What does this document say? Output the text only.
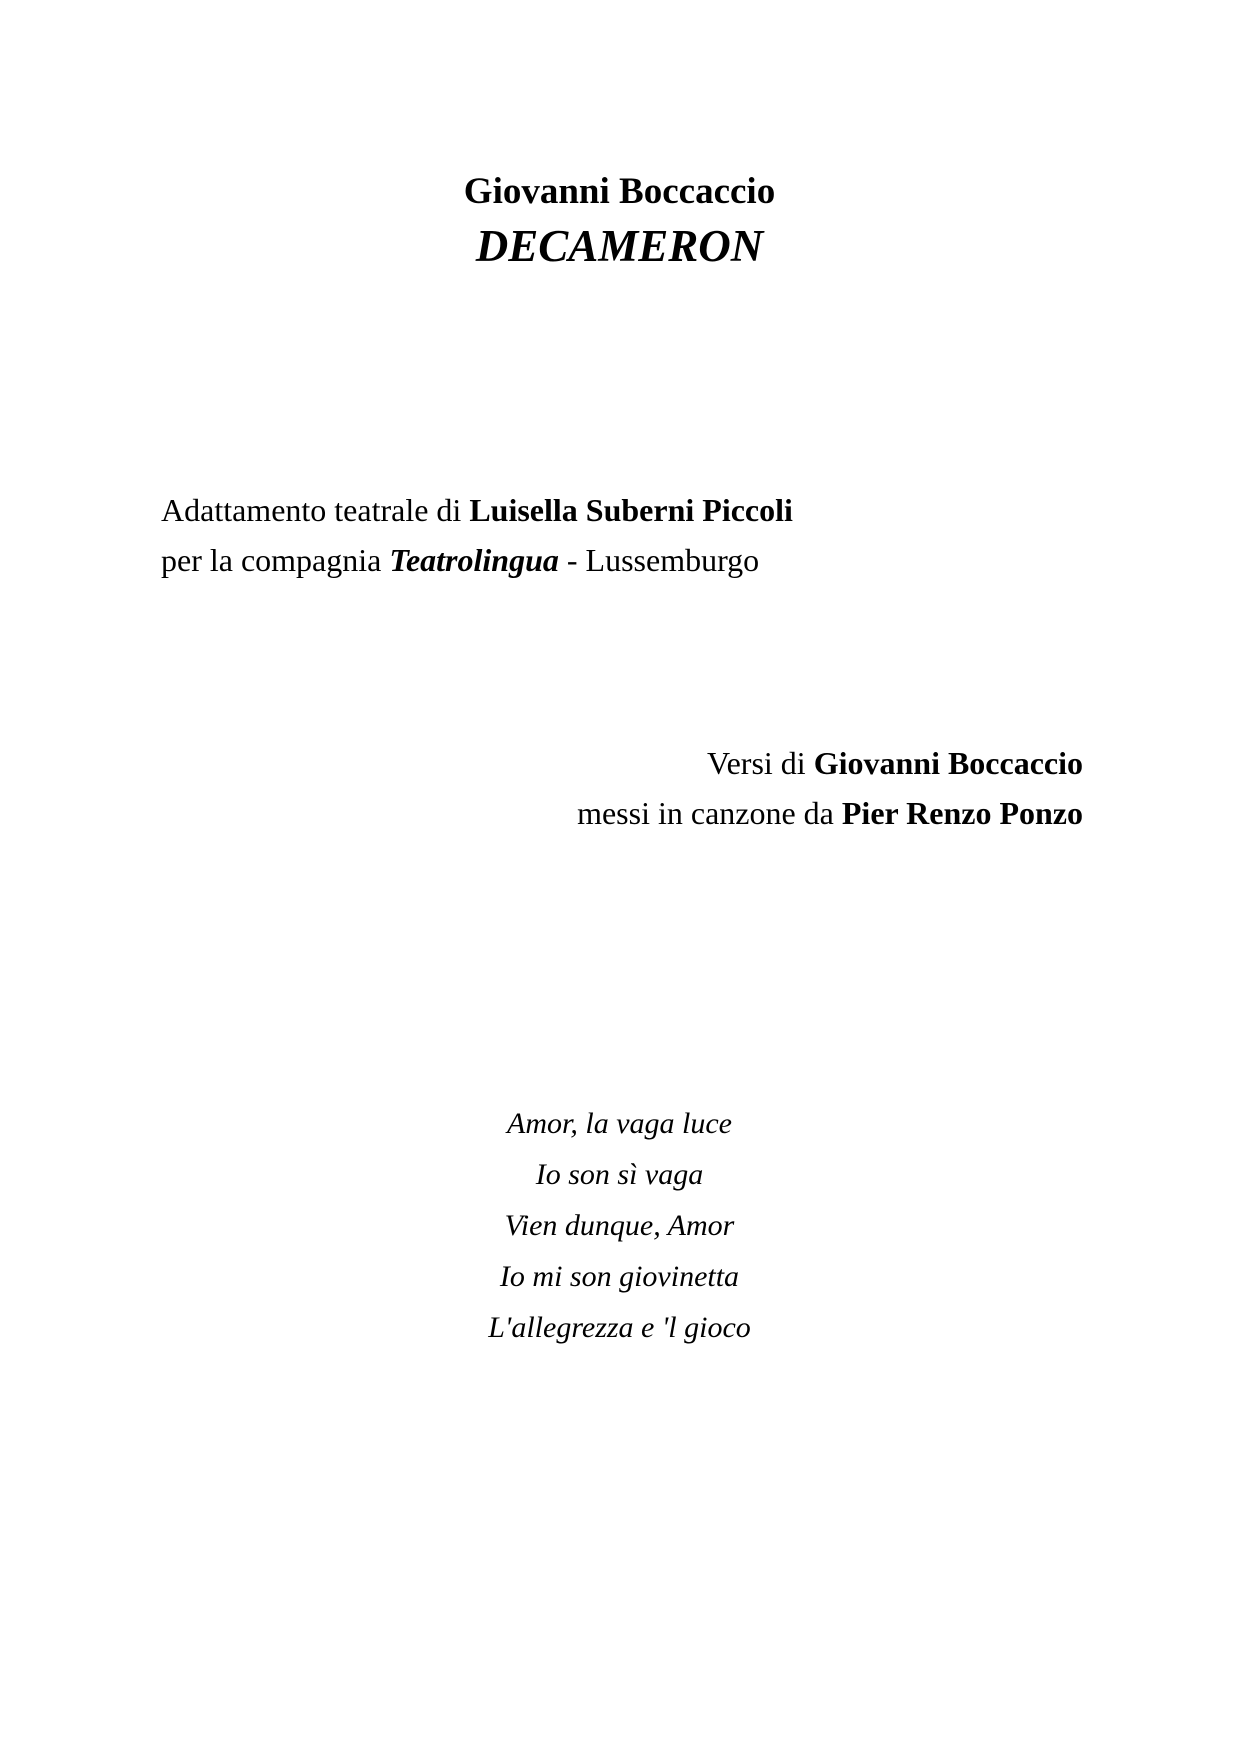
Giovanni Boccaccio
DECAMERON
Adattamento teatrale di Luisella Suberni Piccoli
per la compagnia Teatrolingua - Lussemburgo
Versi di Giovanni Boccaccio
messi in canzone da Pier Renzo Ponzo
Amor, la vaga luce
Io son sì vaga
Vien dunque, Amor
Io mi son giovinetta
L'allegrezza e 'l gioco
